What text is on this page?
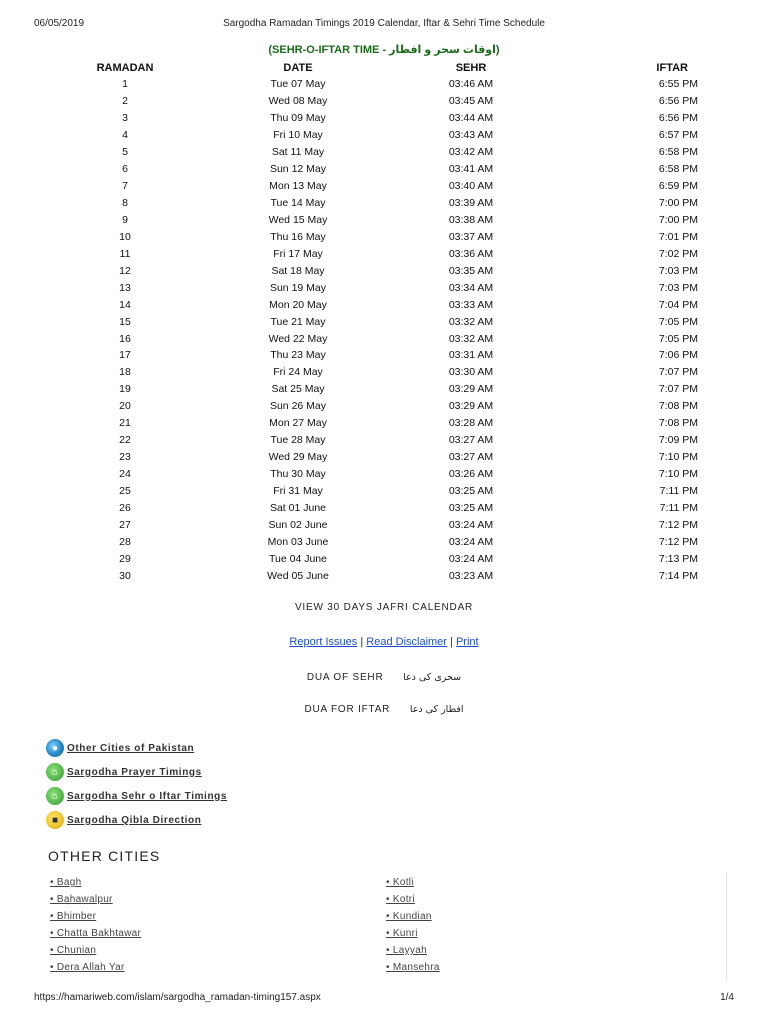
06/05/2019	Sargodha Ramadan Timings 2019 Calendar, Iftar & Sehri Time Schedule
(SEHR-O-IFTAR TIME - اوقات سحر و افطار)
RAMADAN	DATE	SEHR	IFTAR
1	Tue 07 May	03:46 AM	6:55 PM
2	Wed 08 May	03:45 AM	6:56 PM
3	Thu 09 May	03:44 AM	6:56 PM
4	Fri 10 May	03:43 AM	6:57 PM
5	Sat 11 May	03:42 AM	6:58 PM
6	Sun 12 May	03:41 AM	6:58 PM
7	Mon 13 May	03:40 AM	6:59 PM
8	Tue 14 May	03:39 AM	7:00 PM
9	Wed 15 May	03:38 AM	7:00 PM
10	Thu 16 May	03:37 AM	7:01 PM
11	Fri 17 May	03:36 AM	7:02 PM
12	Sat 18 May	03:35 AM	7:03 PM
13	Sun 19 May	03:34 AM	7:03 PM
14	Mon 20 May	03:33 AM	7:04 PM
15	Tue 21 May	03:32 AM	7:05 PM
16	Wed 22 May	03:32 AM	7:05 PM
17	Thu 23 May	03:31 AM	7:06 PM
18	Fri 24 May	03:30 AM	7:07 PM
19	Sat 25 May	03:29 AM	7:07 PM
20	Sun 26 May	03:29 AM	7:08 PM
21	Mon 27 May	03:28 AM	7:08 PM
22	Tue 28 May	03:27 AM	7:09 PM
23	Wed 29 May	03:27 AM	7:10 PM
24	Thu 30 May	03:26 AM	7:10 PM
25	Fri 31 May	03:25 AM	7:11 PM
26	Sat 01 June	03:25 AM	7:11 PM
27	Sun 02 June	03:24 AM	7:12 PM
28	Mon 03 June	03:24 AM	7:12 PM
29	Tue 04 June	03:24 AM	7:13 PM
30	Wed 05 June	03:23 AM	7:14 PM
VIEW 30 DAYS JAFRI CALENDAR
Report Issues | Read Disclaimer | Print
DUA OF SEHR سحری کی دعا
DUA FOR IFTAR افطار کی دعا
● Other Cities of Pakistan
⌂ Sargodha Prayer Timings
⌂ Sargodha Sehr o Iftar Timings
■ Sargodha Qibla Direction
OTHER CITIES
• Bagh
• Bahawalpur
• Bhimber
• Chatta Bakhtawar
• Chunian
• Dera Allah Yar
• Kotli
• Kotri
• Kundian
• Kunri
• Layyah
• Mansehra
https://hamariweb.com/islam/sargodha_ramadan-timing157.aspx	1/4
